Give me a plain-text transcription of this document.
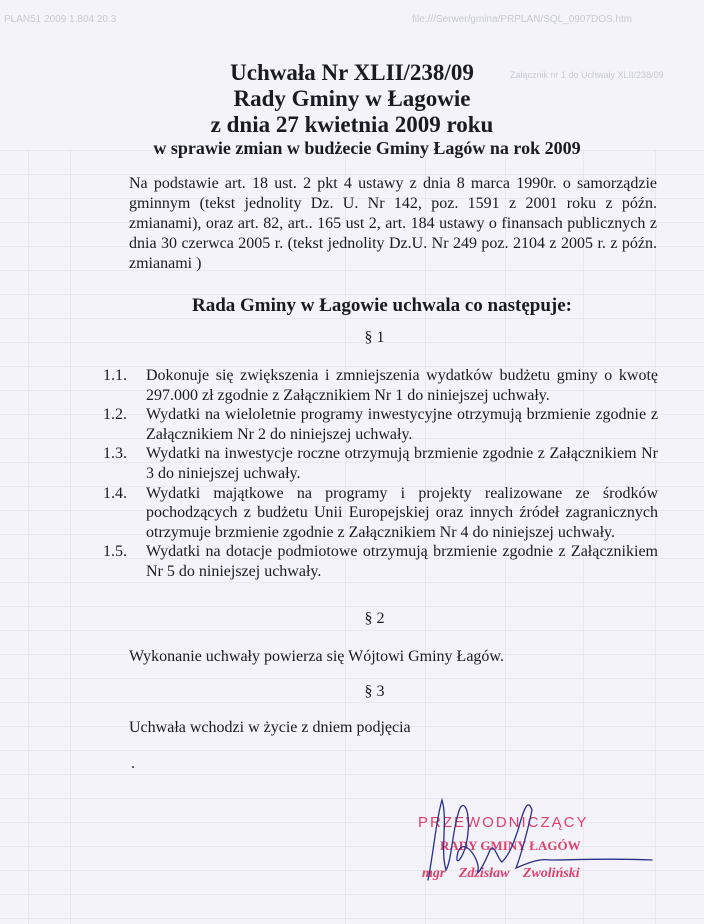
PLAN51 2009 1.804 20.3	file:///Serwer/gmina/PRPLAN/SQL_0907DOS.htm
Załącznik nr 1 do Uchwały XLII/238/09
Uchwała Nr XLII/238/09
Rady Gminy w Łagowie
z dnia 27 kwietnia 2009 roku
w sprawie zmian w budżecie Gminy Łagów na rok 2009
Na podstawie art. 18 ust. 2 pkt 4 ustawy z dnia 8 marca 1990r. o samorządzie gminnym (tekst jednolity Dz. U. Nr 142, poz. 1591 z 2001 roku z późn. zmianami), oraz art. 82, art.. 165 ust 2, art. 184 ustawy o finansach publicznych z dnia 30 czerwca 2005 r. (tekst jednolity Dz.U. Nr 249 poz. 2104 z 2005 r. z późn. zmianami )
Rada Gminy w Łagowie uchwala co następuje:
§ 1
1.1.	Dokonuje się zwiększenia i zmniejszenia wydatków budżetu gminy o kwotę 297.000 zł zgodnie z Załącznikiem Nr 1 do niniejszej uchwały.
1.2.	Wydatki na wieloletnie programy inwestycyjne otrzymują brzmienie zgodnie z Załącznikiem Nr 2 do niniejszej uchwały.
1.3.	Wydatki na inwestycje roczne otrzymują brzmienie zgodnie z Załącznikiem Nr 3 do niniejszej uchwały.
1.4.	Wydatki majątkowe na programy i projekty realizowane ze środków pochodzących z budżetu Unii Europejskiej oraz innych źródeł zagranicznych otrzymuje brzmienie zgodnie z Załącznikiem Nr 4 do niniejszej uchwały.
1.5.	Wydatki na dotacje podmiotowe otrzymują brzmienie zgodnie z Załącznikiem Nr 5 do niniejszej uchwały.
§ 2
Wykonanie uchwały powierza się Wójtowi Gminy Łagów.
§ 3
Uchwała wchodzi w życie z dniem podjęcia
.
PRZEWODNICZĄCY
RADY GMINY ŁAGÓW
mgr Zdzisław Zwoliński
